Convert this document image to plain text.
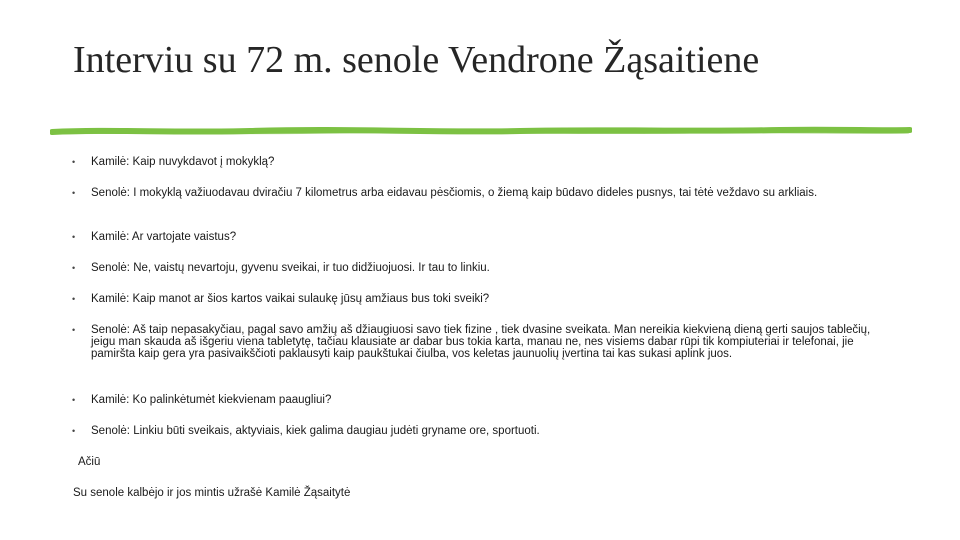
Interviu su 72 m. senole Vendrone Žąsaitiene
• Kamilė: Kaip nuvykdavot į mokyklą?
• Senolė: I mokyklą važiuodavau dviračiu 7 kilometrus arba eidavau pėsčiomis, o žiemą kaip būdavo dideles pusnys, tai tėtė veždavo su arkliais.
• Kamilė: Ar vartojate vaistus?
• Senolė: Ne, vaistų nevartoju, gyvenu sveikai, ir tuo didžiuojuosi. Ir tau to linkiu.
• Kamilė: Kaip manot ar šios kartos vaikai sulaukę jūsų amžiaus bus toki sveiki?
• Senolė: Aš taip nepasakyčiau, pagal savo amžių aš džiaugiuosi savo tiek fizine , tiek dvasine sveikata. Man nereikia kiekvieną dieną gerti saujos tablečių, jeigu man skauda aš išgeriu viena tabletytę, tačiau klausiate ar dabar bus tokia karta, manau ne, nes visiems dabar rūpi tik kompiuteriai ir telefonai, jie pamiršta kaip gera yra pasivaikščioti paklausyti kaip paukštukai čiulba, vos keletas jaunuolių įvertina tai kas sukasi aplink juos.
• Kamilė: Ko palinkėtumėt kiekvienam paaugliui?
• Senolė: Linkiu būti sveikais, aktyviais, kiek galima daugiau judėti gryname ore, sportuoti.
Ačiū
Su senole kalbėjo ir jos mintis užrašė Kamilė Žąsaitytė
